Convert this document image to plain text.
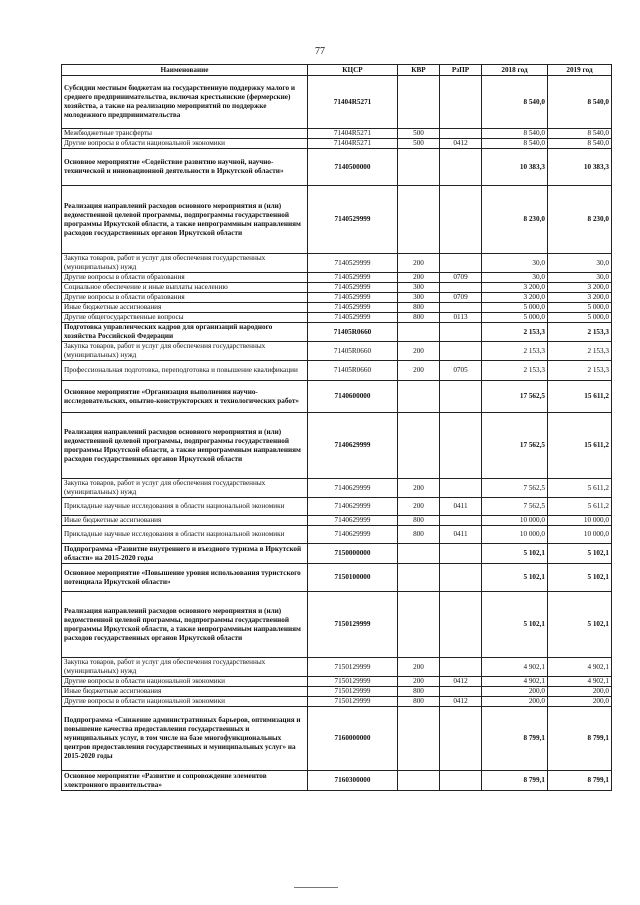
77
Наименование	КЦСР	КВР	РзПР	2018 год	2019 год
Субсидии местным бюджетам на государственную поддержку малого и среднего предпринимательства, включая крестьянские (фермерские) хозяйства, а также на реализацию мероприятий по поддержке молодежного предпринимательства	71404R5271			8 540,0	8 540,0
Межбюджетные трансферты	71404R5271	500		8 540,0	8 540,0
Другие вопросы в области национальной экономики	71404R5271	500	0412	8 540,0	8 540,0
Основное мероприятие «Содействие развитию научной, научно-технической и инновационной деятельности в Иркутской области»	7140500000			10 383,3	10 383,3
Реализация направлений расходов основного мероприятия и (или) ведомственной целевой программы, подпрограммы государственной программы Иркутской области, а также непрограммным направлениям расходов государственных органов Иркутской области	7140529999			8 230,0	8 230,0
Закупка товаров, работ и услуг для обеспечения государственных (муниципальных) нужд	7140529999	200		30,0	30,0
Другие вопросы в области образования	7140529999	200	0709	30,0	30,0
Социальное обеспечение и иные выплаты населению	7140529999	300		3 200,0	3 200,0
Другие вопросы в области образования	7140529999	300	0709	3 200,0	3 200,0
Иные бюджетные ассигнования	7140529999	800		5 000,0	5 000,0
Другие общегосударственные вопросы	7140529999	800	0113	5 000,0	5 000,0
Подготовка управленческих кадров для организаций народного хозяйства Российской Федерации	71405R0660			2 153,3	2 153,3
Закупка товаров, работ и услуг для обеспечения государственных (муниципальных) нужд	71405R0660	200		2 153,3	2 153,3
Профессиональная подготовка, переподготовка и повышение квалификации	71405R0660	200	0705	2 153,3	2 153,3
Основное мероприятие «Организация выполнения научно-исследовательских, опытно-конструкторских и технологических работ»	7140600000			17 562,5	15 611,2
Реализация направлений расходов основного мероприятия и (или) ведомственной целевой программы, подпрограммы государственной программы Иркутской области, а также непрограммным направлениям расходов государственных органов Иркутской области	7140629999			17 562,5	15 611,2
Закупка товаров, работ и услуг для обеспечения государственных (муниципальных) нужд	7140629999	200		7 562,5	5 611,2
Прикладные научные исследования в области национальной экономики	7140629999	200	0411	7 562,5	5 611,2
Иные бюджетные ассигнования	7140629999	800		10 000,0	10 000,0
Прикладные научные исследования в области национальной экономики	7140629999	800	0411	10 000,0	10 000,0
Подпрограмма «Развитие внутреннего и въездного туризма в Иркутской области» на 2015-2020 годы	7150000000			5 102,1	5 102,1
Основное мероприятие «Повышение уровня использования туристского потенциала Иркутской области»	7150100000			5 102,1	5 102,1
Реализация направлений расходов основного мероприятия и (или) ведомственной целевой программы, подпрограммы государственной программы Иркутской области, а также непрограммным направлениям расходов государственных органов Иркутской области	7150129999			5 102,1	5 102,1
Закупка товаров, работ и услуг для обеспечения государственных (муниципальных) нужд	7150129999	200		4 902,1	4 902,1
Другие вопросы в области национальной экономики	7150129999	200	0412	4 902,1	4 902,1
Иные бюджетные ассигнования	7150129999	800		200,0	200,0
Другие вопросы в области национальной экономики	7150129999	800	0412	200,0	200,0
Подпрограмма «Снижение административных барьеров, оптимизация и повышение качества предоставления государственных и муниципальных услуг, в том числе на базе многофункциональных центров предоставления государственных и муниципальных услуг» на 2015-2020 годы	7160000000			8 799,1	8 799,1
Основное мероприятие «Развитие и сопровождение элементов электронного правительства»	7160300000			8 799,1	8 799,1
